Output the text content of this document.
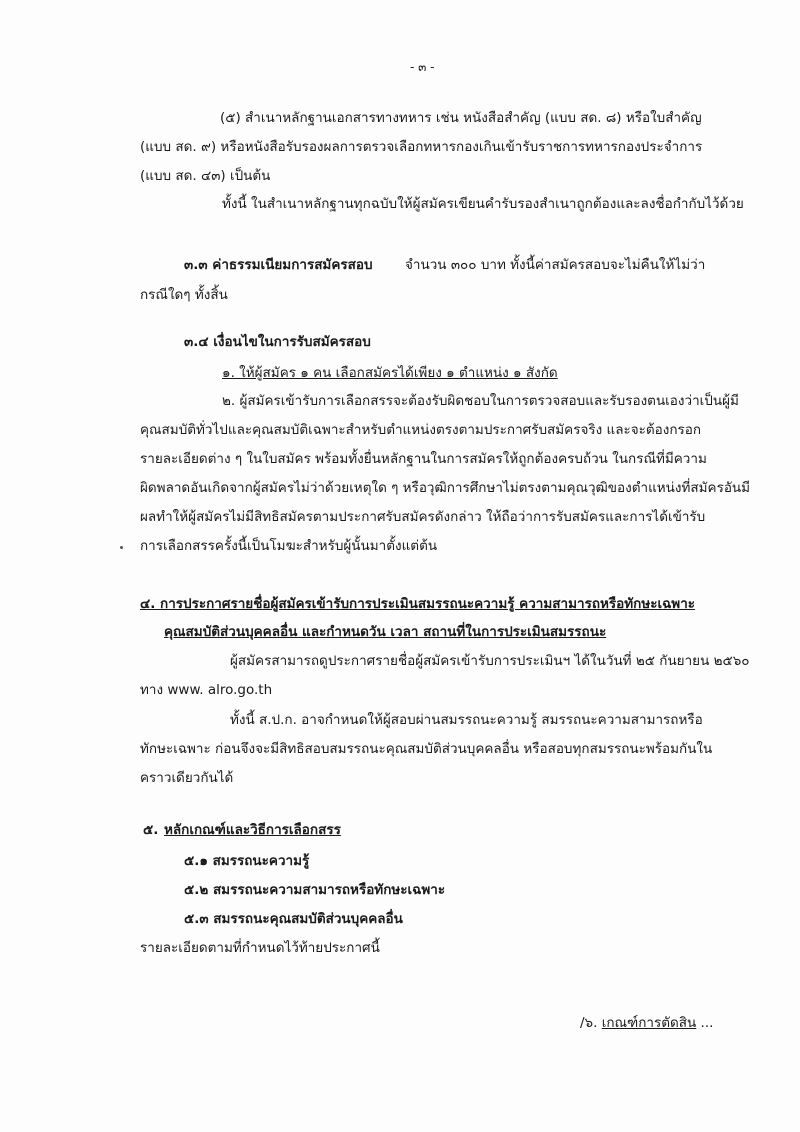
- ๓ -
(๕) สำเนาหลักฐานเอกสารทางทหาร เช่น หนังสือสำคัญ (แบบ สด. ๘) หรือใบสำคัญ
(แบบ สด. ๙) หรือหนังสือรับรองผลการตรวจเลือกทหารกองเกินเข้ารับราชการทหารกองประจำการ
(แบบ สด. ๔๓) เป็นต้น
ทั้งนี้ ในสำเนาหลักฐานทุกฉบับให้ผู้สมัครเขียนคำรับรองสำเนาถูกต้องและลงชื่อกำกับไว้ด้วย
๓.๓ ค่าธรรมเนียมการสมัครสอบ จำนวน ๓๐๐ บาท ทั้งนี้ค่าสมัครสอบจะไม่คืนให้ไม่ว่า
กรณีใดๆ ทั้งสิ้น
๓.๔ เงื่อนไขในการรับสมัครสอบ
๑. ให้ผู้สมัคร ๑ คน เลือกสมัครได้เพียง ๑ ตำแหน่ง ๑ สังกัด
๒. ผู้สมัครเข้ารับการเลือกสรรจะต้องรับผิดชอบในการตรวจสอบและรับรองตนเองว่าเป็นผู้มี
คุณสมบัติทั่วไปและคุณสมบัติเฉพาะสำหรับตำแหน่งตรงตามประกาศรับสมัครจริง และจะต้องกรอก
รายละเอียดต่าง ๆ ในใบสมัคร พร้อมทั้งยื่นหลักฐานในการสมัครให้ถูกต้องครบถ้วน ในกรณีที่มีความ
ผิดพลาดอันเกิดจากผู้สมัครไม่ว่าด้วยเหตุใด ๆ หรือวุฒิการศึกษาไม่ตรงตามคุณวุฒิของตำแหน่งที่สมัครอันมี
ผลทำให้ผู้สมัครไม่มีสิทธิสมัครตามประกาศรับสมัครดังกล่าว ให้ถือว่าการรับสมัครและการได้เข้ารับ
การเลือกสรรครั้งนี้เป็นโมฆะสำหรับผู้นั้นมาตั้งแต่ต้น
๔. การประกาศรายชื่อผู้สมัครเข้ารับการประเมินสมรรถนะความรู้ ความสามารถหรือทักษะเฉพาะ
คุณสมบัติส่วนบุคคลอื่น และกำหนดวัน เวลา สถานที่ในการประเมินสมรรถนะ
ผู้สมัครสามารถดูประกาศรายชื่อผู้สมัครเข้ารับการประเมินฯ ได้ในวันที่ ๒๕ กันยายน ๒๕๖๐
ทาง www. alro.go.th
ทั้งนี้ ส.ป.ก. อาจกำหนดให้ผู้สอบผ่านสมรรถนะความรู้ สมรรถนะความสามารถหรือ
ทักษะเฉพาะ ก่อนจึงจะมีสิทธิสอบสมรรถนะคุณสมบัติส่วนบุคคลอื่น หรือสอบทุกสมรรถนะพร้อมกันใน
คราวเดียวกันได้
๕. หลักเกณฑ์และวิธีการเลือกสรร
๕.๑ สมรรถนะความรู้
๕.๒ สมรรถนะความสามารถหรือทักษะเฉพาะ
๕.๓ สมรรถนะคุณสมบัติส่วนบุคคลอื่น
รายละเอียดตามที่กำหนดไว้ท้ายประกาศนี้
/๖. เกณฑ์การตัดสิน ...
